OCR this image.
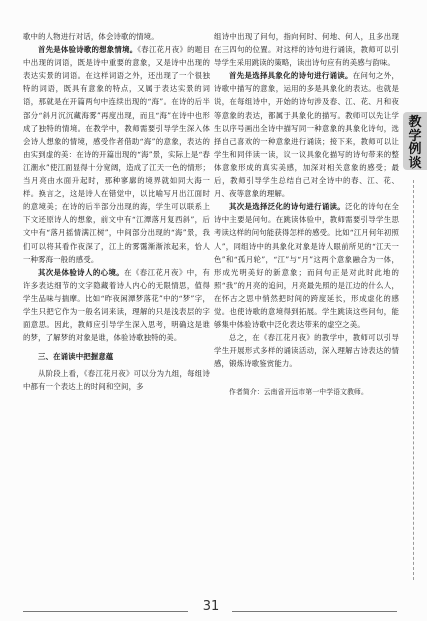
歌中的人物进行对话，体会诗歌的情境。

首先是体验诗歌的想象情境。《春江花月夜》的题目中出现的词语，既是诗中重要的意象，又是诗中出现的表达实景的词语。在这样词语之外，还出现了一个很独特的词语，既具有意象的特点，又属于表达实景的词语，那就是在开篇两句中连续出现的“海”。在诗的后半部分“斜月沉沉藏海雾”再度出现，而且“海”在诗中也形成了独特的情境。在教学中，教师需要引导学生深入体会诗人想象的情境，感受作者借助“海”的意象，表达的由实到虚的美：在诗的开篇出现的“海”景，实际上是“春江潮水”使江面显得十分宽阔，造成了江天一色的情形；当月亮由水面升起时，那种寥廓的境界就如同大海一样。换言之，这是诗人在错觉中，以比喻写月出江面时的意境美；在诗的后半部分出现的海，学生可以联系上下文还原诗人的想象，前文中有“江潭落月复西斜”，后文中有“落月摇情满江树”，中间部分出现的“海”景，我们可以将其看作夜深了，江上的雾霭渐渐浓起来，恰人一种雾海一般的感受。

其次是体验诗人的心境。在《春江花月夜》中，有许多表达细节的文字隐藏着诗人内心的无限情思，值得学生品味与揣摩。比如“昨夜闲潭梦落花”中的“梦”字，学生只把它作为一般名词来读，理解的只是浅表层的字面意思。因此，教师应引导学生深入思考，明确这是谁的梦，了解梦的对象是谁，体验诗歌独特的美。

三、在诵读中把握意蕴

从阶段上看，《春江花月夜》可以分为九组，每组诗中都有一个表达上的时间和空间，多

组诗中出现了问句，指向何时、何地、何人，且多出现在三四句的位置。对这样的诗句进行诵读，教师可以引导学生采用跳读的策略，读出诗句应有的美感与韵味。

首先是选择具象化的诗句进行诵读。在问句之外，诗歌中描写的意象，运用的多是具象化的表达。也就是说，在每组诗中，开始的诗句涉及春、江、花、月和夜等意象的表达，都属于具象化的描写。教师可以先让学生以序号画出全诗中描写同一种意象的具象化诗句，选择自己喜欢的一种意象进行诵读；接下来，教师可以让学生和同伴读一读，议一议具象化描写的诗句带来的整体意象形成的真实美感，加深对相关意象的感受；最后，教师引导学生总结自己对全诗中的春、江、花、月、夜等意象的理解。

其次是选择泛化的诗句进行诵读。泛化的诗句在全诗中主要是问句。在跳读体验中，教师需要引导学生思考读这样的问句能获得怎样的感受。比如“江月何年初照人”，同组诗中的具象化对象是诗人眼前所见的“江天一色”和“孤月轮”，“江”与“月”这两个意象融合为一体，形成光明美好的新意象；而问句正是对此时此地的照“我”的月亮的追问，月亮最先照的是江边的什么人，在怀古之思中悄然把时间的跨度延长，形成虚化的感觉。也使诗歌的意境得到拓展。学生跳读这些问句，能够集中体验诗歌中泛化表达带来的虚空之美。

总之，在《春江花月夜》的教学中，教师可以引导学生开展形式多样的诵读活动，深入理解古诗表达的情感，锻炼诗歌鉴赏能力。

作者简介：云南省开远市第一中学语文教师。

教
学
例
谈
31
